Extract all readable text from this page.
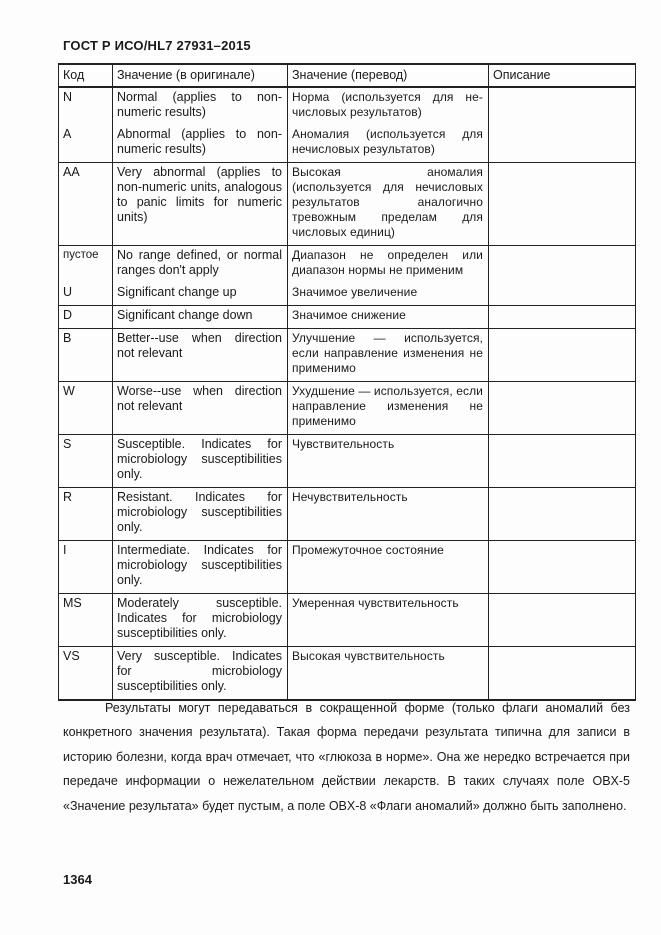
ГОСТ Р ИСО/HL7 27931–2015
Код	Значение (в оригинале)	Значение (перевод)	Описание
N	Normal (applies to non-numeric results)	Норма (используется для не-числовых результатов)	
A	Abnormal (applies to non-numeric results)	Аномалия (используется для нечисловых результатов)	
AA	Very abnormal (applies to non-numeric units, analogous to panic limits for numeric units)	Высокая аномалия (используется для нечисловых результатов аналогично тревожным пределам для числовых единиц)	
пустое	No range defined, or normal ranges don't apply	Диапазон не определен или диапазон нормы не применим	
U	Significant change up	Значимое увеличение	
D	Significant change down	Значимое снижение	
B	Better--use when direction not relevant	Улучшение — используется, если направление изменения не применимо	
W	Worse--use when direction not relevant	Ухудшение — используется, если направление изменения не применимо	
S	Susceptible. Indicates for microbiology susceptibilities only.	Чувствительность	
R	Resistant. Indicates for microbiology susceptibilities only.	Нечувствительность	
I	Intermediate. Indicates for microbiology susceptibilities only.	Промежуточное состояние	
MS	Moderately susceptible. Indicates for microbiology susceptibilities only.	Умеренная чувствительность	
VS	Very susceptible. Indicates for microbiology susceptibilities only.	Высокая чувствительность	

Результаты могут передаваться в сокращенной форме (только флаги аномалий без конкретного значения результата). Такая форма передачи результата типична для записи в историю болезни, когда врач отмечает, что «глюкоза в норме». Она же нередко встречается при передаче информации о нежелательном действии лекарств. В таких случаях поле OBX-5 «Значение результата» будет пустым, а поле OBX-8 «Флаги аномалий» должно быть заполнено.

1364
